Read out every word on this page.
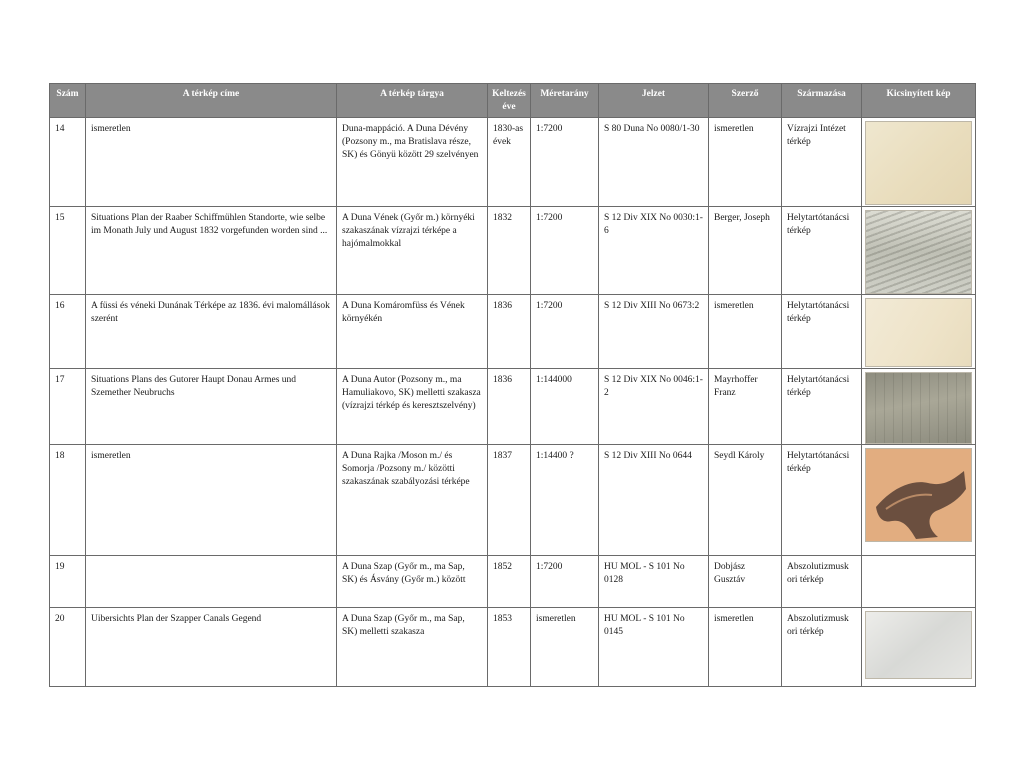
Szám	A térkép címe	A térkép tárgya	Keltezés éve	Méretarány	Jelzet	Szerző	Származása	Kicsinyített kép
14	ismeretlen	Duna-mappáció. A Duna Dévény (Pozsony m., ma Bratislava része, SK) és Gönyü között 29 szelvényen	1830-as évek	1:7200	S 80 Duna No 0080/1-30	ismeretlen	Vízrajzi Intézet térkép	

15	Situations Plan der Raaber Schiffmühlen Standorte, wie selbe im Monath July und August 1832 vorgefunden worden sind ...	A Duna Vének (Győr m.) környéki szakaszának vízrajzi térképe a hajómalmokkal	1832	1:7200	S 12 Div XIX No 0030:1-6	Berger, Joseph	Helytartótanácsi térkép	

16	A füssi és véneki Dunának Térképe az 1836. évi malomállások szerént	A Duna Komáromfüss és Vének környékén	1836	1:7200	S 12 Div XIII No 0673:2	ismeretlen	Helytartótanácsi térkép	

17	Situations Plans des Gutorer Haupt Donau Armes und Szemether Neubruchs	A Duna Autor (Pozsony m., ma Hamuliakovo, SK) melletti szakasza (vízrajzi térkép és keresztszelvény)	1836	1:144000	S 12 Div XIX No 0046:1-2	Mayrhoffer Franz	Helytartótanácsi térkép	

18	ismeretlen	A Duna Rajka /Moson m./ és Somorja /Pozsony m./ közötti szakaszának szabályozási térképe	1837	1:14400 ?	S 12 Div XIII No 0644	Seydl Károly	Helytartótanácsi térkép	

19		A Duna Szap (Győr m., ma Sap, SK) és Ásvány (Győr m.) között	1852	1:7200	HU MOL - S 101 No 0128	Dobjász Gusztáv	Abszolutizmusk ori térkép	
20	Uibersichts Plan der Szapper Canals Gegend	A Duna Szap (Győr m., ma Sap, SK) melletti szakasza	1853	ismeretlen	HU MOL - S 101 No 0145	ismeretlen	Abszolutizmusk ori térkép	
